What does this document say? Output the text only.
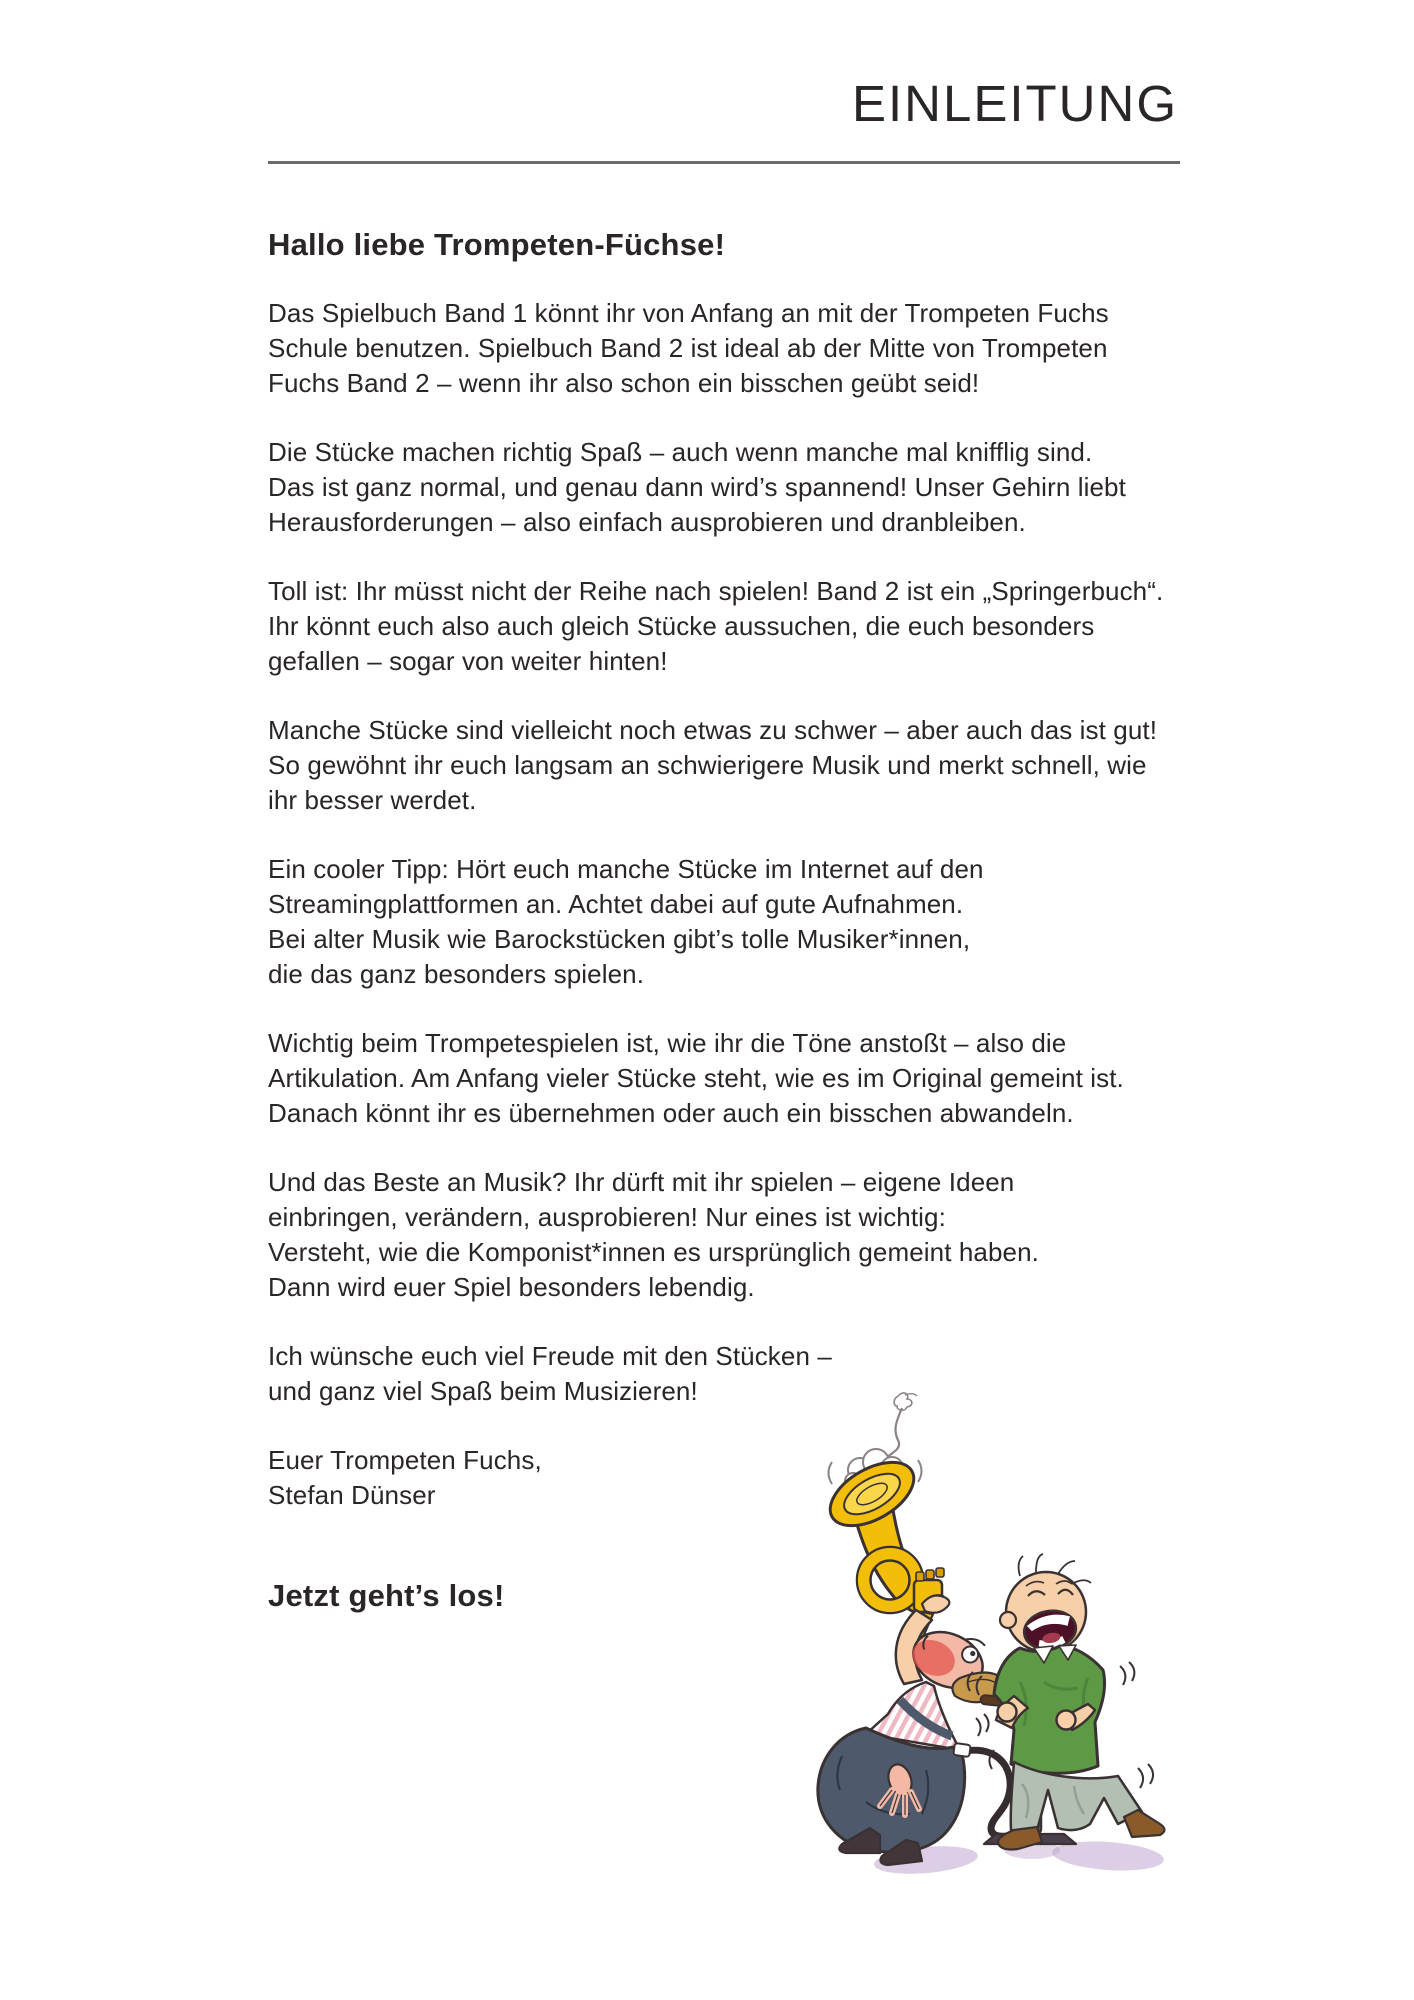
EINLEITUNG
Hallo liebe Trompeten-Füchse!
Das Spielbuch Band 1 könnt ihr von Anfang an mit der Trompeten Fuchs
Schule benutzen. Spielbuch Band 2 ist ideal ab der Mitte von Trompeten
Fuchs Band 2 – wenn ihr also schon ein bisschen geübt seid!
Die Stücke machen richtig Spaß – auch wenn manche mal knifflig sind.
Das ist ganz normal, und genau dann wird’s spannend! Unser Gehirn liebt
Herausforderungen – also einfach ausprobieren und dranbleiben.
Toll ist: Ihr müsst nicht der Reihe nach spielen! Band 2 ist ein „Springerbuch“.
Ihr könnt euch also auch gleich Stücke aussuchen, die euch besonders
gefallen – sogar von weiter hinten!
Manche Stücke sind vielleicht noch etwas zu schwer – aber auch das ist gut!
So gewöhnt ihr euch langsam an schwierigere Musik und merkt schnell, wie
ihr besser werdet.
Ein cooler Tipp: Hört euch manche Stücke im Internet auf den
Streamingplattformen an. Achtet dabei auf gute Aufnahmen.
Bei alter Musik wie Barockstücken gibt’s tolle Musiker*innen,
die das ganz besonders spielen.
Wichtig beim Trompetespielen ist, wie ihr die Töne anstoßt – also die
Artikulation. Am Anfang vieler Stücke steht, wie es im Original gemeint ist.
Danach könnt ihr es übernehmen oder auch ein bisschen abwandeln.
Und das Beste an Musik? Ihr dürft mit ihr spielen – eigene Ideen
einbringen, verändern, ausprobieren! Nur eines ist wichtig:
Versteht, wie die Komponist*innen es ursprünglich gemeint haben.
Dann wird euer Spiel besonders lebendig.
Ich wünsche euch viel Freude mit den Stücken –
und ganz viel Spaß beim Musizieren!
Euer Trompeten Fuchs,
Stefan Dünser
Jetzt geht’s los!
